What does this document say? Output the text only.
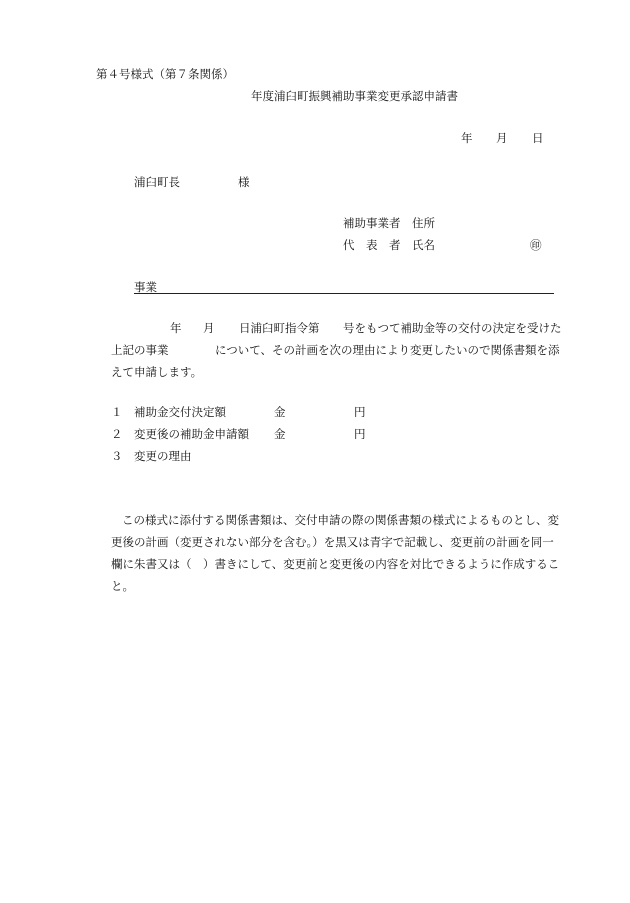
第４号様式（第７条関係）
年度浦臼町振興補助事業変更承認申請書
年 月 日
浦臼町長	様
補助事業者 住所
代　表　者 氏名	㊞
事業
年 月 日浦臼町指令第 号をもつて補助金等の交付の決定を受けた
上記の事業	について、その計画を次の理由により変更したいので関係書類を添
えて申請します。
１ 補助金交付決定額	金	円
２ 変更後の補助金申請額 金	円
３ 変更の理由
この様式に添付する関係書類は、交付申請の際の関係書類の様式によるものとし、変
更後の計画（変更されない部分を含む。）を黒又は青字で記載し、変更前の計画を同一
欄に朱書又は（　）書きにして、変更前と変更後の内容を対比できるように作成するこ
と。
